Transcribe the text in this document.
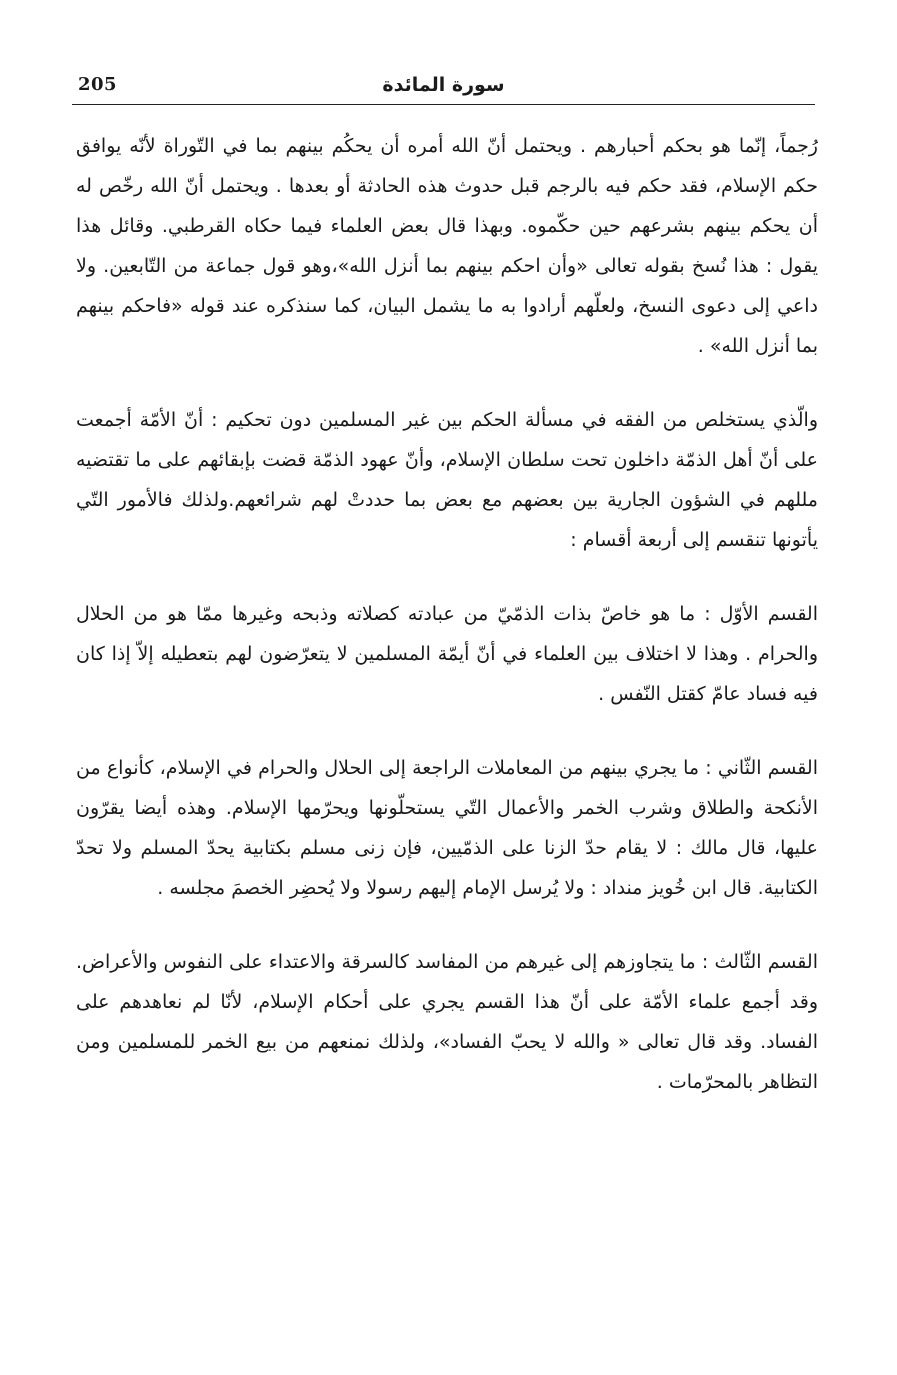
205	سورة المائدة

رُجماً، إنّما هو بحكم أحبارهم . ويحتمل أنّ الله أمره أن يحكُم بينهم بما في التّوراة لأنّه يوافق حكم الإسلام، فقد حكم فيه بالرجم قبل حدوث هذه الحادثة أو بعدها . ويحتمل أنّ الله رخّص له أن يحكم بينهم بشرعهم حين حكّموه. وبهذا قال بعض العلماء فيما حكاه القرطبي. وقائل هذا يقول : هذا نُسخ بقوله تعالى «وأن احكم بينهم بما أنزل الله»،وهو قول جماعة من التّابعين. ولا داعي إلى دعوى النسخ، ولعلّهم أرادوا به ما يشمل البيان، كما سنذكره عند قوله «فاحكم بينهم بما أنزل الله» .

والّذي يستخلص من الفقه في مسألة الحكم بين غير المسلمين دون تحكيم : أنّ الأمّة أجمعت على أنّ أهل الذمّة داخلون تحت سلطان الإسلام، وأنّ عهود الذمّة قضت بإبقائهم على ما تقتضيه مللهم في الشؤون الجارية بين بعضهم مع بعض بما حددتْ لهم شرائعهم.ولذلك فالأمور التّي يأتونها تنقسم إلى أربعة أقسام :

القسم الأوّل : ما هو خاصّ بذات الذمّيّ من عبادته كصلاته وذبحه وغيرها ممّا هو من الحلال والحرام . وهذا لا اختلاف بين العلماء في أنّ أيمّة المسلمين لا يتعرّضون لهم بتعطيله إلاّ إذا كان فيه فساد عامّ كقتل النّفس .

القسم الثّاني : ما يجري بينهم من المعاملات الراجعة إلى الحلال والحرام في الإسلام، كأنواع من الأنكحة والطلاق وشرب الخمر والأعمال التّي يستحلّونها ويحرّمها الإسلام. وهذه أيضا يقرّون عليها، قال مالك : لا يقام حدّ الزنا على الذمّيين، فإن زنى مسلم بكتابية يحدّ المسلم ولا تحدّ الكتابية. قال ابن خُويز منداد : ولا يُرسل الإمام إليهم رسولا ولا يُحضِر الخصمَ مجلسه .

القسم الثّالث : ما يتجاوزهم إلى غيرهم من المفاسد كالسرقة والاعتداء على النفوس والأعراض. وقد أجمع علماء الأمّة على أنّ هذا القسم يجري على أحكام الإسلام، لأنّا لم نعاهدهم على الفساد. وقد قال تعالى « والله لا يحبّ الفساد»، ولذلك نمنعهم من بيع الخمر للمسلمين ومن التظاهر بالمحرّمات .
